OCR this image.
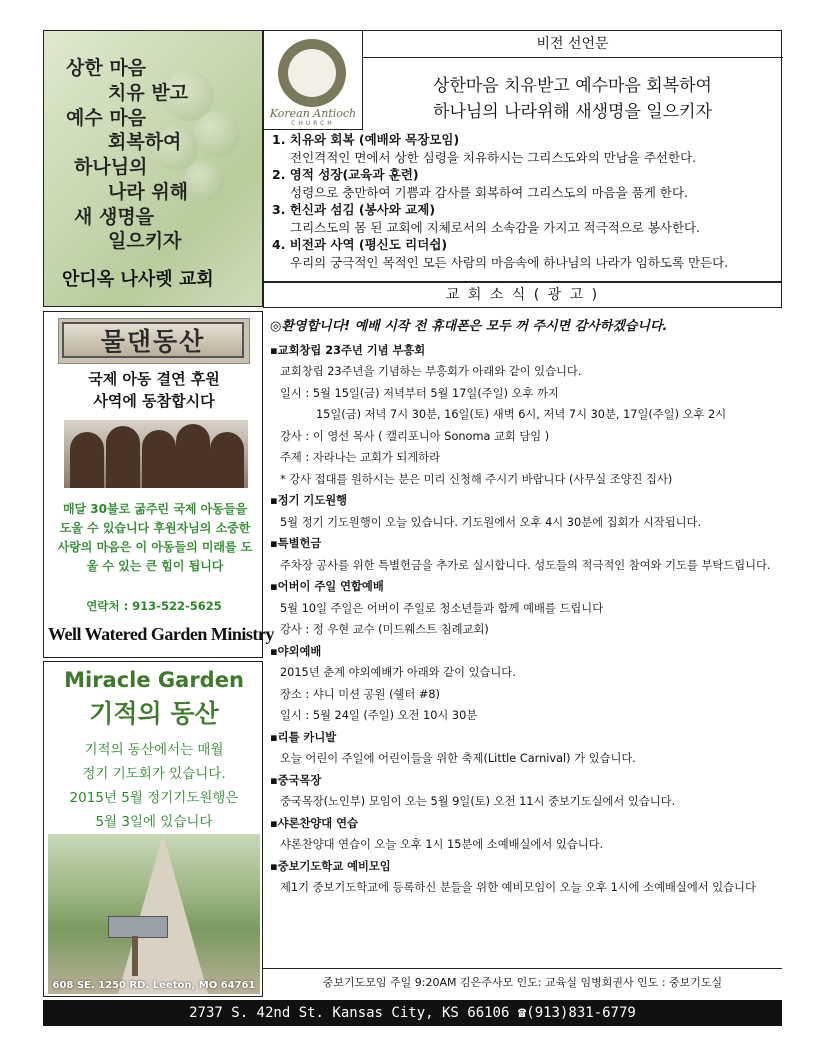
상한 마음
치유 받고
예수 마음
회복하여
하나님의
나라 위해
새 생명을
일으키자
안디옥 나사렛 교회
Korean Antioch
CHURCH
비전 선언문
상한마음 치유받고 예수마음 회복하여
하나님의 나라위해 새생명을 일으키자
1. 치유와 회복 (예배와 목장모임)
전인격적인 면에서 상한 심령을 치유하시는 그리스도와의 만남을 주선한다.
2. 영적 성장(교육과 훈련)
성령으로 충만하여 기쁨과 감사를 회복하여 그리스도의 마음을 품게 한다.
3. 헌신과 섬김 (봉사와 교제)
그리스도의 몸 된 교회에 지체로서의 소속감을 가지고 적극적으로 봉사한다.
4. 비전과 사역 (평신도 리더쉽)
우리의 궁극적인 목적인 모든 사람의 마음속에 하나님의 나라가 임하도록 만든다.
교 회 소 식 ( 광 고 )
물댄동산
국제 아동 결연 후원
사역에 동참합시다
매달 30불로 굶주린 국제 아동들을 도울 수 있습니다 후원자님의 소중한 사랑의 마음은 이 아동들의 미래를 도울 수 있는 큰 힘이 됩니다
연락처 : 913-522-5625
Well Watered Garden Ministry
Miracle Garden
기적의 동산
기적의 동산에서는 매월
정기 기도회가 있습니다.
2015년 5월 정기기도원행은
5월 3일에 있습니다
608 SE. 1250 RD. Leeton, MO 64761
◎환영합니다! 예배 시작 전 휴대폰은 모두 꺼 주시면 감사하겠습니다.
▪교회창립 23주년 기념 부흥회
교회창립 23주년을 기념하는 부흥회가 아래와 같이 있습니다.
일시 : 5월 15일(금) 저녁부터 5월 17일(주일) 오후 까지
15일(금) 저녁 7시 30분, 16일(토) 새벽 6시, 저녁 7시 30분, 17일(주일) 오후 2시
강사 : 이 영선 목사 ( 캘리포니아 Sonoma 교회 담임 )
주제 : 자라나는 교회가 되게하라
* 강사 접대를 원하시는 분은 미리 신청해 주시기 바랍니다 (사무실 조양진 집사)
▪정기 기도원행
5월 정기 기도원행이 오늘 있습니다. 기도원에서 오후 4시 30분에 집회가 시작됩니다.
▪특별헌금
주차장 공사를 위한 특별헌금을 추가로 실시합니다. 성도들의 적극적인 참여와 기도를 부탁드립니다.
▪어버이 주일 연합예배
5월 10일 주일은 어버이 주일로 청소년들과 함께 예배를 드립니다
강사 : 정 우현 교수 (미드웨스트 침례교회)
▪야외예배
2015년 춘계 야외예배가 아래와 같이 있습니다.
장소 : 샤니 미션 공원 (쉘터 #8)
일시 : 5월 24일 (주일) 오전 10시 30분
▪리틀 카니발
오늘 어린이 주일에 어린이들을 위한 축제(Little Carnival) 가 있습니다.
▪중국목장
중국목장(노인부) 모임이 오는 5월 9일(토) 오전 11시 중보기도실에서 있습니다.
▪샤론찬양대 연습
샤론찬양대 연습이 오늘 오후 1시 15분에 소예배실에서 있습니다.
▪중보기도학교 예비모임
제1기 중보기도학교에 등록하신 분들을 위한 예비모임이 오늘 오후 1시에 소예배실에서 있습니다
중보기도모임 주일 9:20AM 김은주사모 인도: 교육실 임병회권사 인도 : 중보기도실
2737 S. 42nd St. Kansas City, KS 66106 ☎(913)831-6779
